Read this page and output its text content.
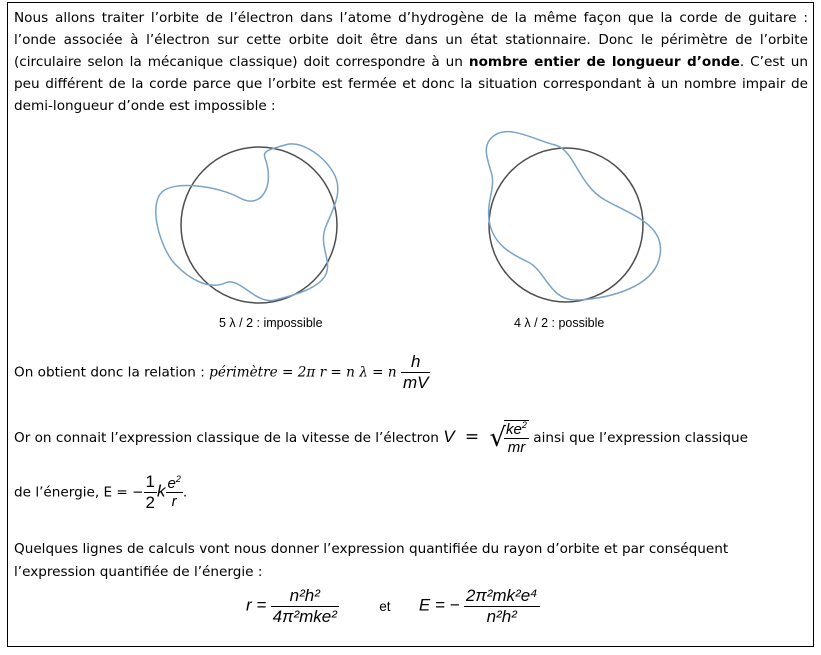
Nous allons traiter l’orbite de l’électron dans l’atome d’hydrogène de la même façon que la corde de guitare : l’onde associée à l’électron sur cette orbite doit être dans un état stationnaire. Donc le périmètre de l’orbite (circulaire selon la mécanique classique) doit correspondre à un nombre entier de longueur d’onde. C’est un peu différent de la corde parce que l’orbite est fermée et donc la situation correspondant à un nombre impair de demi-longueur d’onde est impossible :

5 λ / 2 : impossible	4 λ / 2 : possible
On obtient donc la relation : périmètre = 2π r = n λ = n $\frac{h}{mV}$
Or on connait l’expression classique de la vitesse de l’électron V = √
$\frac{ke^2}{mr}$ ainsi que l’expression classique
de l’énergie, E = − $\frac{1}{2}$ k $\frac{e^2}{r}$ .
Quelques lignes de calculs vont nous donner l’expression quantifiée du rayon d’orbite et par conséquent
l’expression quantifiée de l’énergie :
$r = \frac{\text{n²h²}}{\text{4π²mke²}}$	et E = − $\frac{\text{2π²mk²e⁴}}{\text{n²h²}}$
